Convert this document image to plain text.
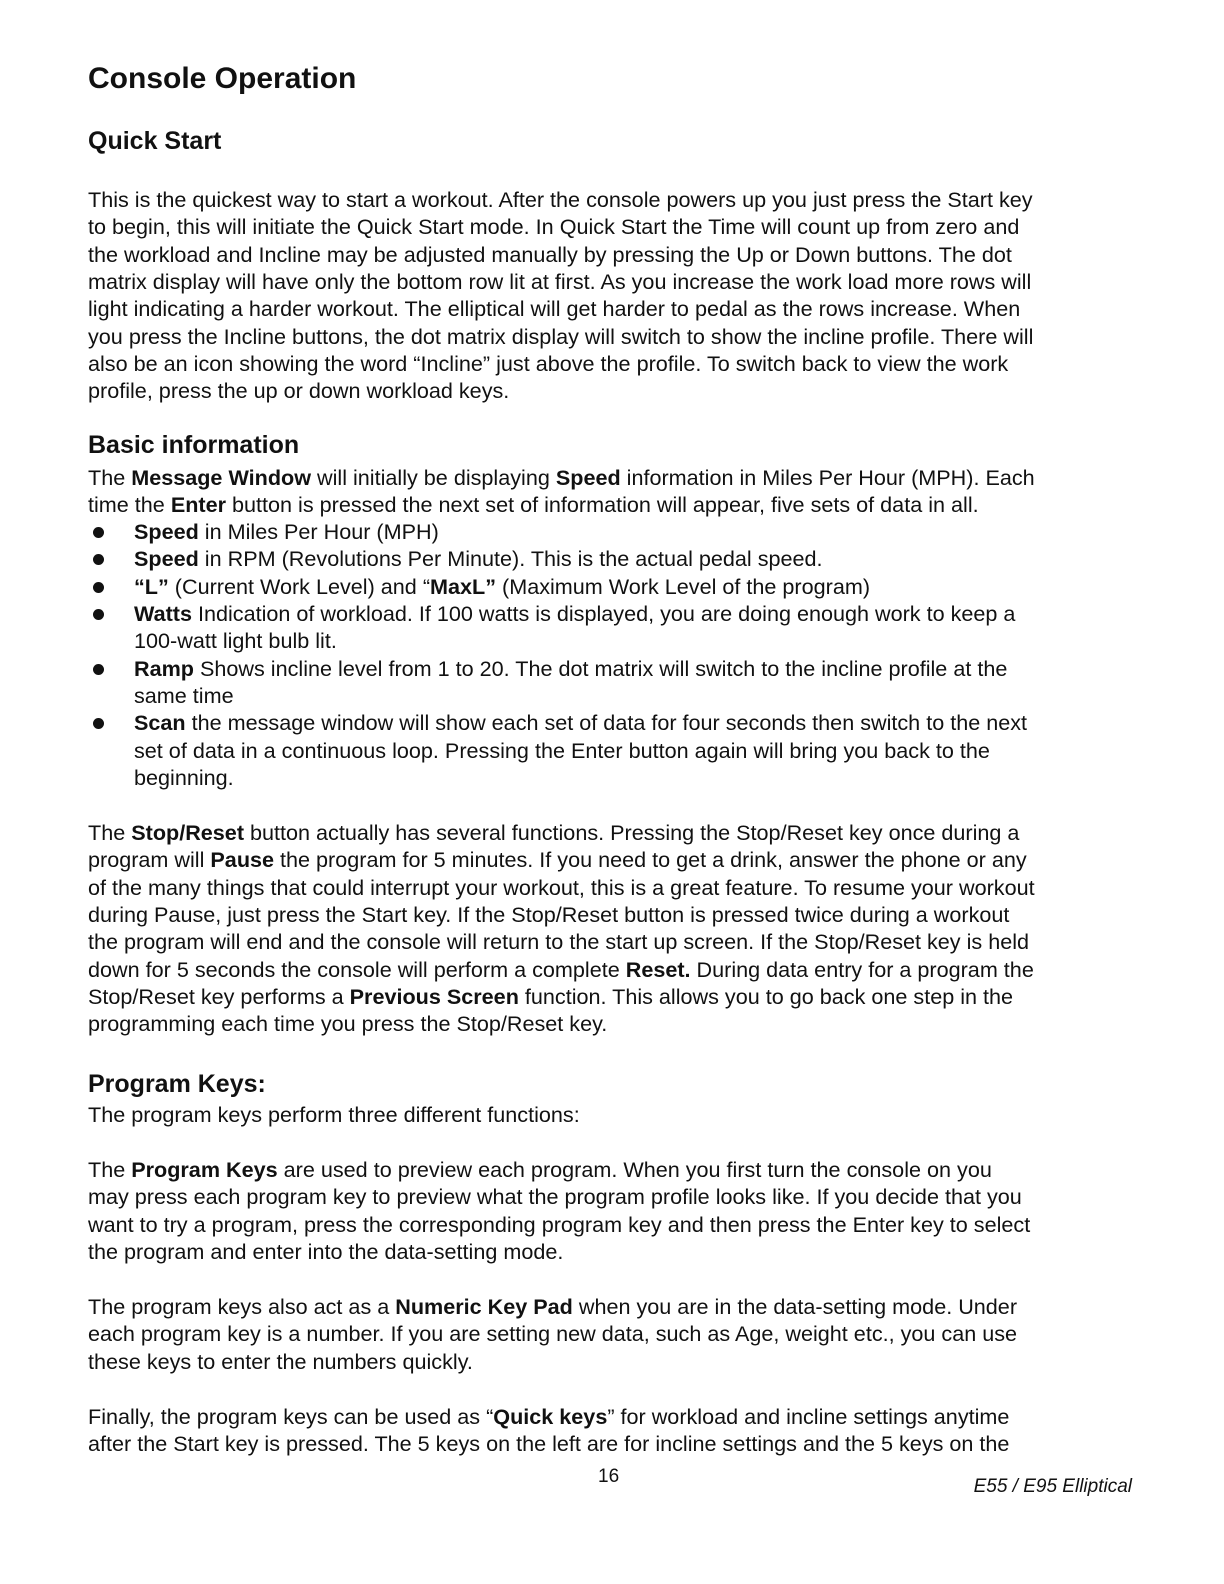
Console Operation
Quick Start
This is the quickest way to start a workout. After the console powers up you just press the Start key
to begin, this will initiate the Quick Start mode. In Quick Start the Time will count up from zero and
the workload and Incline may be adjusted manually by pressing the Up or Down buttons. The dot
matrix display will have only the bottom row lit at first. As you increase the work load more rows will
light indicating a harder workout. The elliptical will get harder to pedal as the rows increase. When
you press the Incline buttons, the dot matrix display will switch to show the incline profile. There will
also be an icon showing the word “Incline” just above the profile. To switch back to view the work
profile, press the up or down workload keys.
Basic information
The Message Window will initially be displaying Speed information in Miles Per Hour (MPH). Each
time the Enter button is pressed the next set of information will appear, five sets of data in all.
Speed in Miles Per Hour (MPH)
Speed in RPM (Revolutions Per Minute). This is the actual pedal speed.
“L” (Current Work Level) and “MaxL” (Maximum Work Level of the program)
Watts Indication of workload. If 100 watts is displayed, you are doing enough work to keep a
100-watt light bulb lit.
Ramp Shows incline level from 1 to 20. The dot matrix will switch to the incline profile at the
same time
Scan the message window will show each set of data for four seconds then switch to the next
set of data in a continuous loop. Pressing the Enter button again will bring you back to the
beginning.
The Stop/Reset button actually has several functions. Pressing the Stop/Reset key once during a
program will Pause the program for 5 minutes. If you need to get a drink, answer the phone or any
of the many things that could interrupt your workout, this is a great feature. To resume your workout
during Pause, just press the Start key. If the Stop/Reset button is pressed twice during a workout
the program will end and the console will return to the start up screen. If the Stop/Reset key is held
down for 5 seconds the console will perform a complete Reset. During data entry for a program the
Stop/Reset key performs a Previous Screen function. This allows you to go back one step in the
programming each time you press the Stop/Reset key.
Program Keys:
The program keys perform three different functions:
The Program Keys are used to preview each program. When you first turn the console on you
may press each program key to preview what the program profile looks like. If you decide that you
want to try a program, press the corresponding program key and then press the Enter key to select
the program and enter into the data-setting mode.
The program keys also act as a Numeric Key Pad when you are in the data-setting mode. Under
each program key is a number. If you are setting new data, such as Age, weight etc., you can use
these keys to enter the numbers quickly.
Finally, the program keys can be used as “Quick keys” for workload and incline settings anytime
after the Start key is pressed. The 5 keys on the left are for incline settings and the 5 keys on the
16	E55 / E95 Elliptical
